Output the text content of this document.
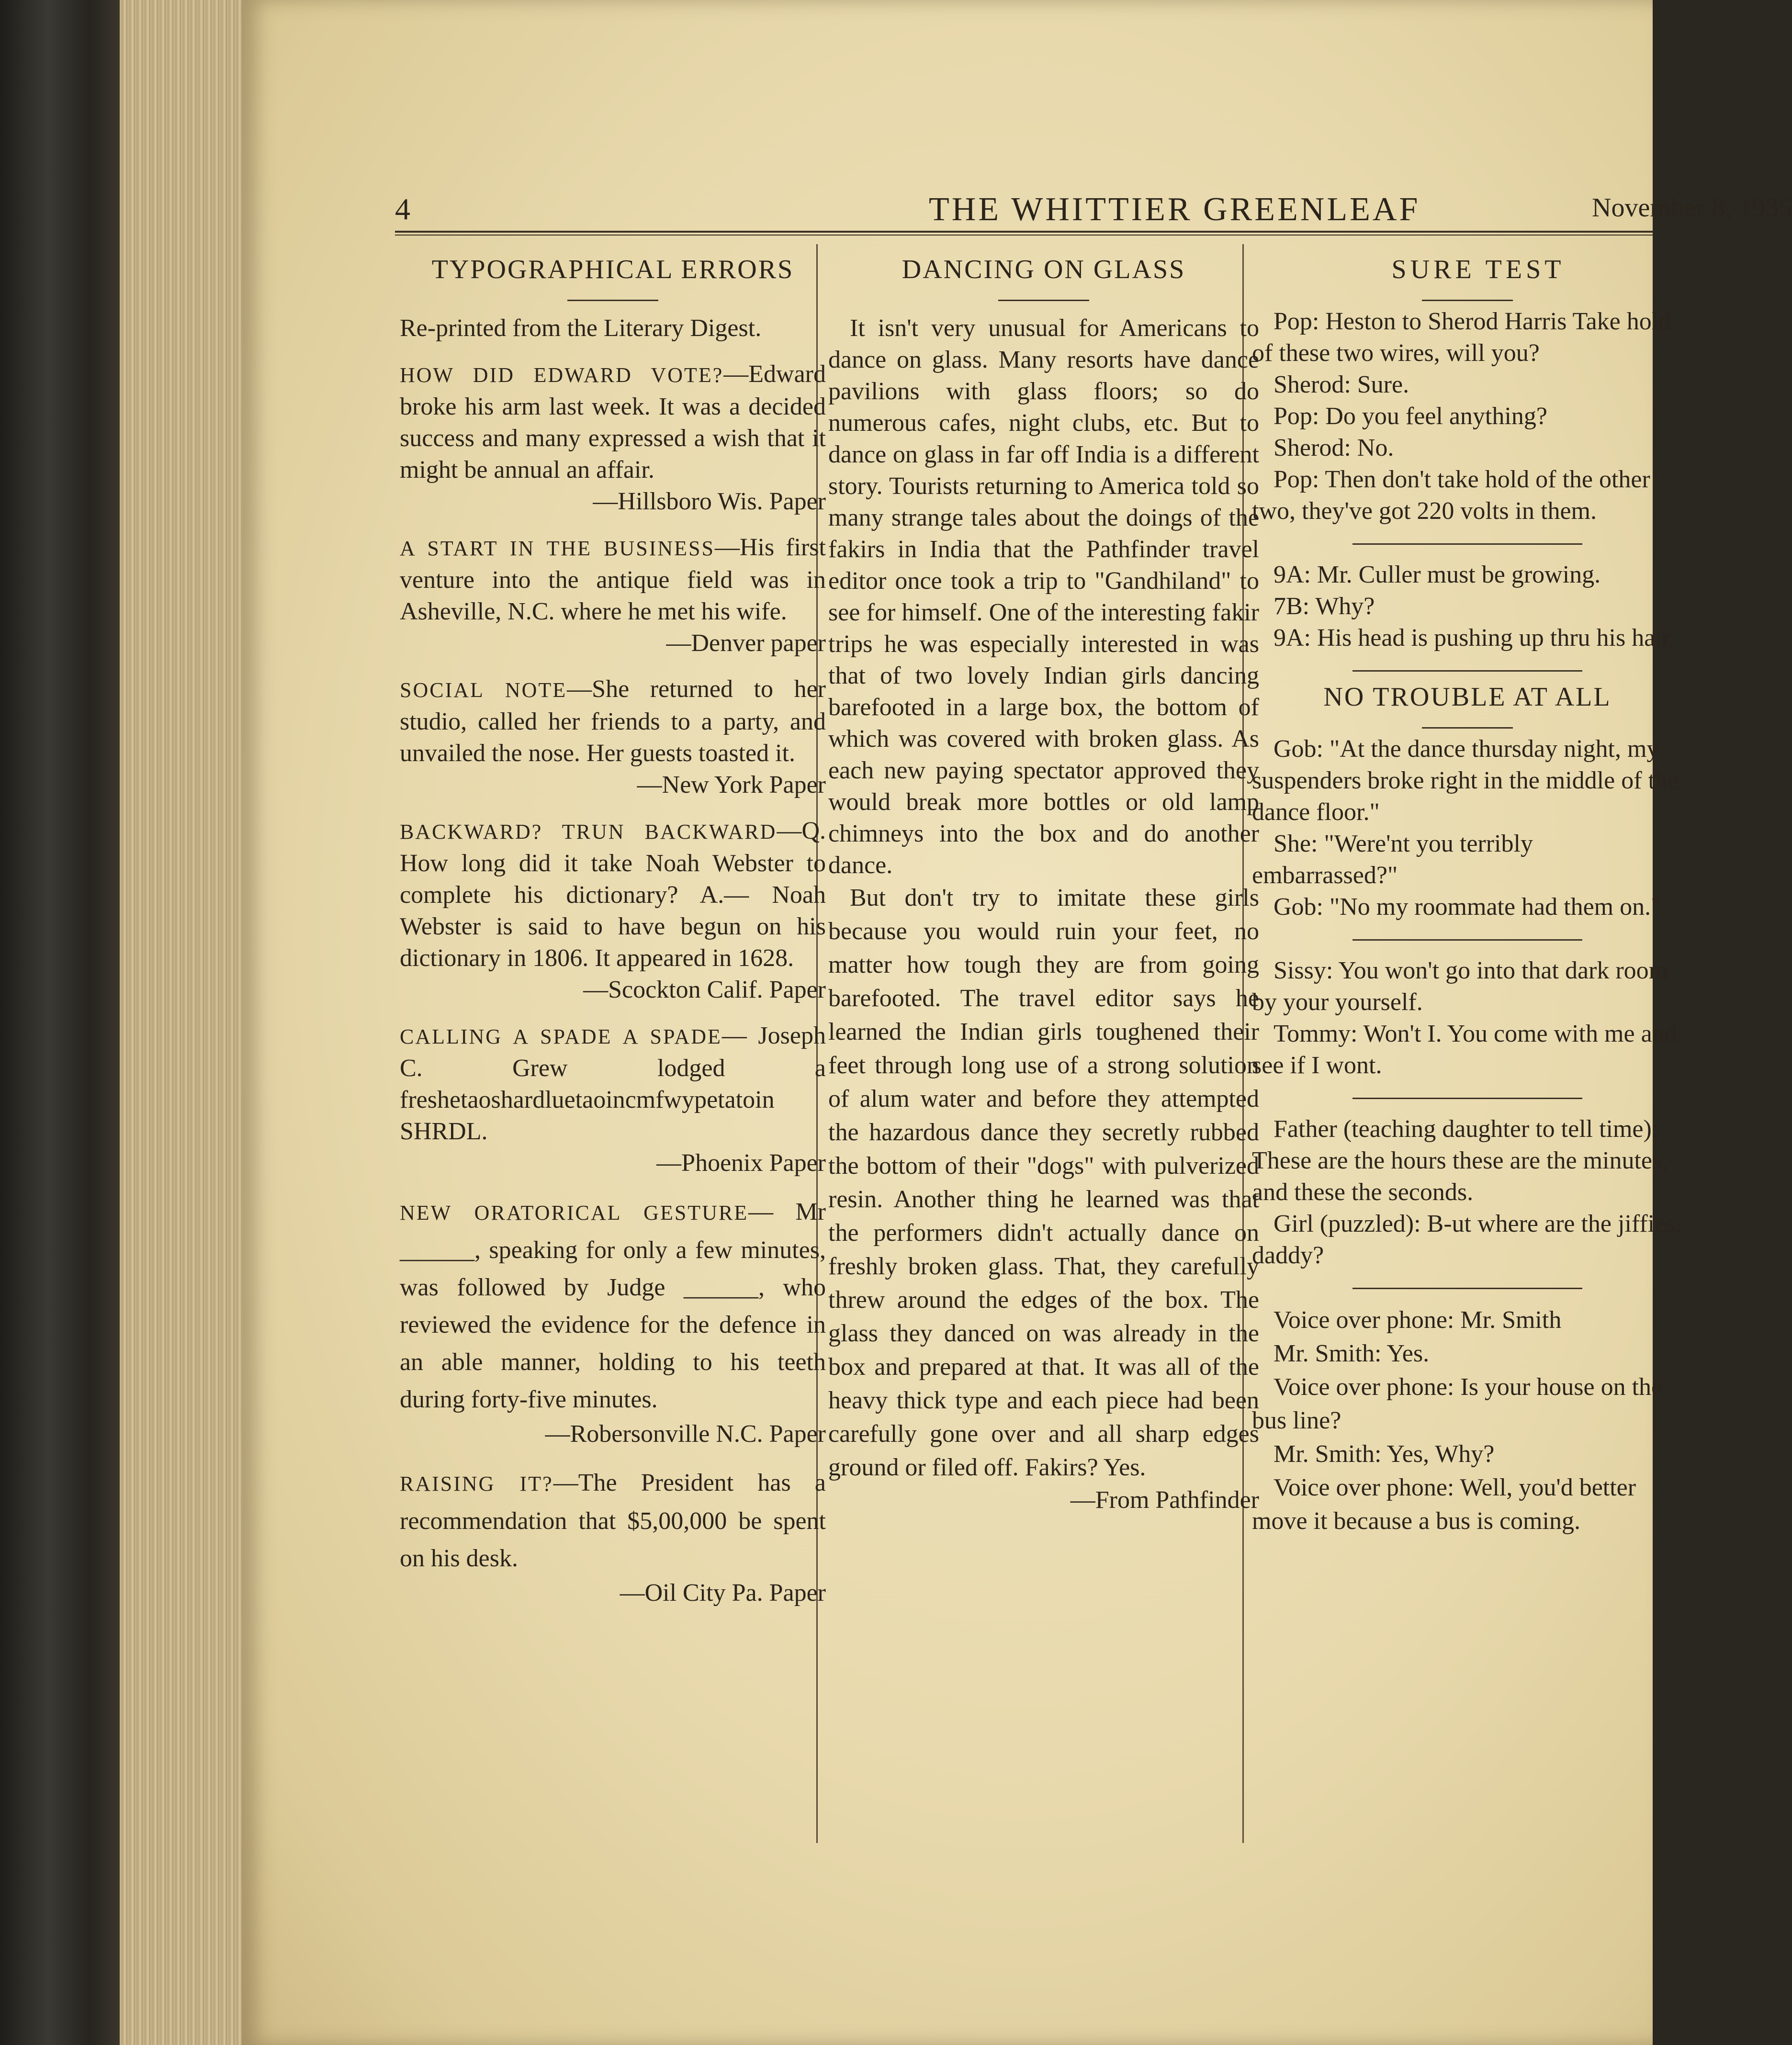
4	THE WHITTIER GREENLEAF	November 8, 1935

TYPOGRAPHICAL ERRORS

Re-printed from the Literary Digest.

HOW DID EDWARD VOTE?—Edward broke his arm last week. It was a decided success and many expressed a wish that it might be annual an affair.

—Hillsboro Wis. Paper

A START IN THE BUSINESS—His first venture into the antique field was in Asheville, N.C. where he met his wife.

—Denver paper

SOCIAL NOTE—She returned to her studio, called her friends to a party, and unvailed the nose. Her guests toasted it.

—New York Paper

BACKWARD? TRUN BACKWARD—Q. How long did it take Noah Webster to complete his dictionary? A.— Noah Webster is said to have begun on his dictionary in 1806. It appeared in 1628.

—Scockton Calif. Paper

CALLING A SPADE A SPADE— Joseph C. Grew lodged a freshetaoshardluetaoincmfwypetatoin SHRDL.

—Phoenix Paper

NEW ORATORICAL GESTURE— Mr ______, speaking for only a few minutes, was followed by Judge ______, who reviewed the evidence for the defence in an able manner, holding to his teeth during forty-five minutes.

—Robersonville N.C. Paper

RAISING IT?—The President has a recommendation that $5,00,000 be spent on his desk.

—Oil City Pa. Paper

DANCING ON GLASS

It isn't very unusual for Americans to dance on glass. Many resorts have dance pavilions with glass floors; so do numerous cafes, night clubs, etc. But to dance on glass in far off India is a different story. Tourists returning to America told so many strange tales about the doings of the fakirs in India that the Pathfinder travel editor once took a trip to "Gandhiland" to see for himself. One of the interesting fakir trips he was especially interested in was that of two lovely Indian girls dancing barefooted in a large box, the bottom of which was covered with broken glass. As each new paying spectator approved they would break more bottles or old lamp chimneys into the box and do another dance.

But don't try to imitate these girls because you would ruin your feet, no matter how tough they are from going barefooted. The travel editor says he learned the Indian girls toughened their feet through long use of a strong solution of alum water and before they attempted the hazardous dance they secretly rubbed the bottom of their "dogs" with pulverized resin. Another thing he learned was that the performers didn't actually dance on freshly broken glass. That, they carefully threw around the edges of the box. The glass they danced on was already in the box and prepared at that. It was all of the heavy thick type and each piece had been carefully gone over and all sharp edges ground or filed off. Fakirs? Yes.

—From Pathfinder

SURE TEST

Pop: Heston to Sherod Harris Take hold of these two wires, will you?

Sherod: Sure.

Pop: Do you feel anything?

Sherod: No.

Pop: Then don't take hold of the other two, they've got 220 volts in them.

9A: Mr. Culler must be growing.

7B: Why?

9A: His head is pushing up thru his hair.

NO TROUBLE AT ALL

Gob: "At the dance thursday night, my suspenders broke right in the middle of the dance floor."

She: "Were'nt you terribly embarrassed?"

Gob: "No my roommate had them on."

Sissy: You won't go into that dark room by your yourself.

Tommy: Won't I. You come with me and see if I wont.

Father (teaching daughter to tell time): These are the hours these are the minutes, and these the seconds.

Girl (puzzled): B-ut where are the jiffies, daddy?

Voice over phone: Mr. Smith

Mr. Smith: Yes.

Voice over phone: Is your house on the bus line?

Mr. Smith: Yes, Why?

Voice over phone: Well, you'd better move it because a bus is coming.
